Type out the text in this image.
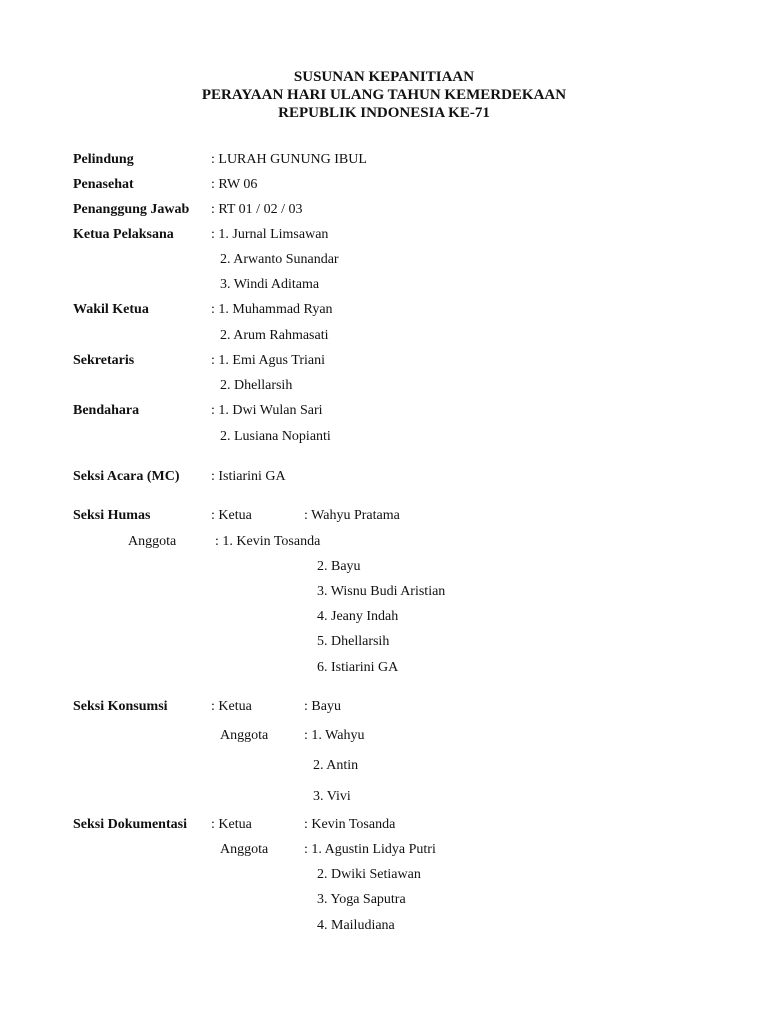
SUSUNAN KEPANITIAAN
PERAYAAN HARI ULANG TAHUN KEMERDEKAAN
REPUBLIK INDONESIA KE-71
Pelindung	: LURAH GUNUNG IBUL
Penasehat	: RW 06
Penanggung Jawab : RT 01 / 02 / 03
Ketua Pelaksana	: 1. Jurnal Limsawan
2. Arwanto Sunandar
3. Windi Aditama
Wakil Ketua	: 1. Muhammad Ryan
2. Arum Rahmasati
Sekretaris	: 1. Emi Agus Triani
2. Dhellarsih
Bendahara	: 1. Dwi Wulan Sari
2. Lusiana Nopianti
Seksi Acara (MC) : Istiarini GA
Seksi Humas	: Ketua	: Wahyu Pratama
Anggota	: 1. Kevin Tosanda
2. Bayu
3. Wisnu Budi Aristian
4. Jeany Indah
5. Dhellarsih
6. Istiarini GA
Seksi Konsumsi	: Ketua	: Bayu
Anggota	: 1. Wahyu
2. Antin
3. Vivi
Seksi Dokumentasi : Ketua	: Kevin Tosanda
Anggota	: 1. Agustin Lidya Putri
2. Dwiki Setiawan
3. Yoga Saputra
4. Mailudiana
